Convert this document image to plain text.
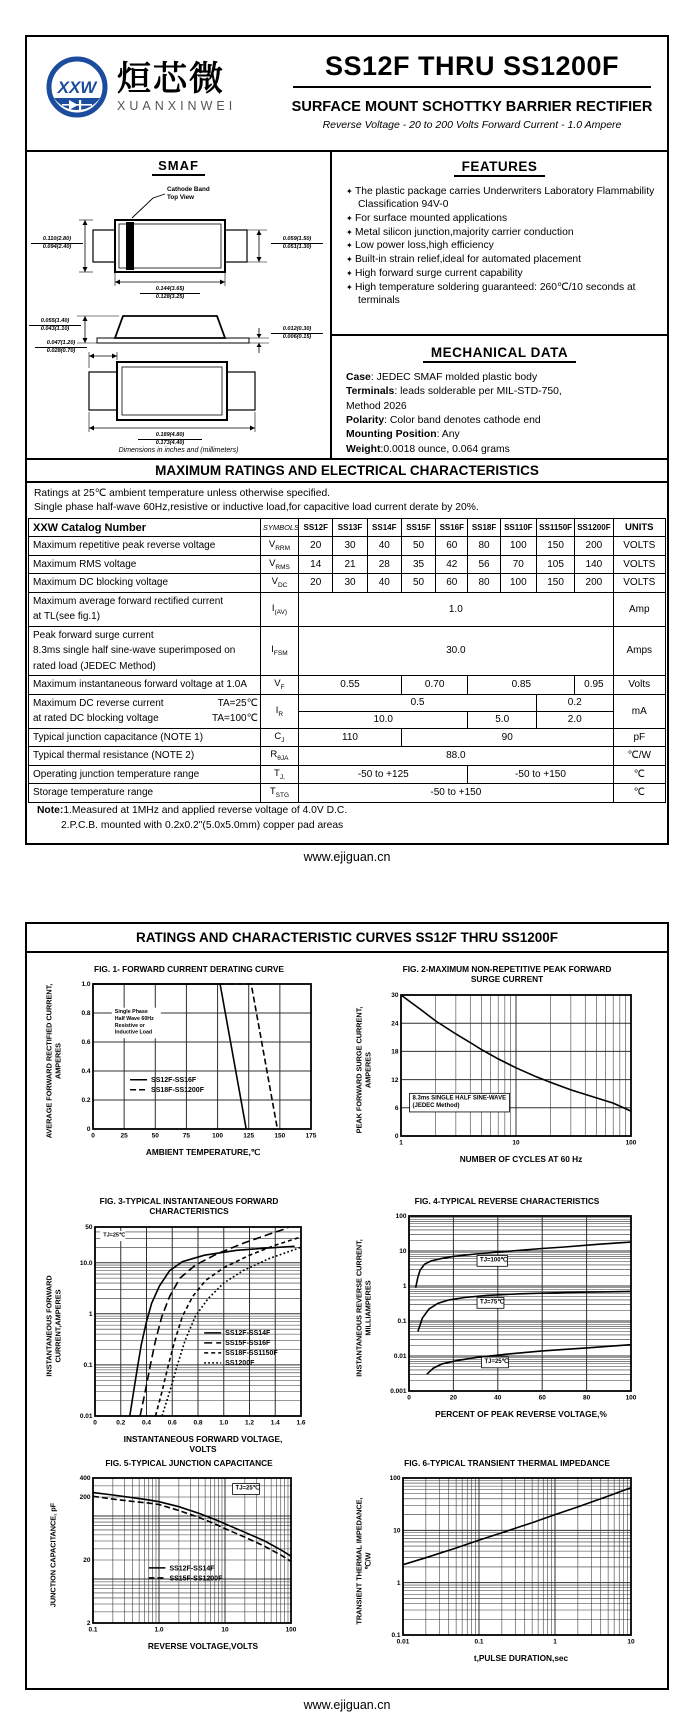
XXW 烜芯微
XUANXINWEI
SS12F THRU SS1200F
SURFACE MOUNT SCHOTTKY BARRIER RECTIFIER
Reverse Voltage - 20 to 200 Volts Forward Current - 1.0 Ampere
SMAF
Cathode Band
Top View
0.110(2.80)
0.094(2.40)
0.059(1.50)
0.051(1.30)
0.144(3.65)
0.128(3.25)
0.055(1.40)
0.043(1.10)	0.012(0.30)
0.006(0.15)
0.047(1.20)
0.028(0.70)
0.189(4.80)
0.173(4.40)
Dimensions in inches and (millimeters)
FEATURES
✦ The plastic package carries Underwriters Laboratory Flammability Classification 94V-0
✦ For surface mounted applications
✦ Metal silicon junction,majority carrier conduction
✦ Low power loss,high efficiency
✦ Built-in strain relief,ideal for automated placement
✦ High forward surge current capability
✦ High temperature soldering guaranteed: 260℃/10 seconds at terminals
MECHANICAL DATA
Case: JEDEC SMAF molded plastic body
Terminals: leads solderable per MIL-STD-750,
Method 2026
Polarity: Color band denotes cathode end
Mounting Position: Any
Weight:0.0018 ounce, 0.064 grams
MAXIMUM RATINGS AND ELECTRICAL CHARACTERISTICS
Ratings at 25℃ ambient temperature unless otherwise specified.
Single phase half-wave 60Hz,resistive or inductive load,for capacitive load current derate by 20%.
XXW Catalog Number	SYMBOLS	SS12F	SS13F	SS14F	SS15F	SS16F	SS18F	SS110F	SS1150F	SS1200F	UNITS
Maximum repetitive peak reverse voltage	$V_{RRM}$	20	30	40	50	60	80	100	150	200	VOLTS
Maximum RMS voltage	$V_{RMS}$	14	21	28	35	42	56	70	105	140	VOLTS
Maximum DC blocking voltage	$V_{DC}$	20	30	40	50	60	80	100	150	200	VOLTS
Maximum average forward rectified current
at TL(see fig.1)	$I_{(AV)}$	1.0									Amp
Peak forward surge current
8.3ms single half sine-wave superimposed on
rated load (JEDEC Method)	$I_{FSM}$	30.0									Amps
Maximum instantaneous forward voltage at 1.0A	$V_F$	0.55			0.70		0.85			0.95	Volts

Maximum DC reverse current TA=25℃
at rated DC blocking voltage TA=100℃	$I_R$	0.5							0.2		mA
		10.0					5.0		2.0		
Typical junction capacitance (NOTE 1)	$C_J$	110			90						pF
Typical thermal resistance (NOTE 2)	$R_{\theta JA}$	88.0									℃/W
Operating junction temperature range	$T_{J,}$	-50 to +125					-50 to +150				℃
Storage temperature range	$T_{STG}$	-50 to +150									℃
Note:1.Measured at 1MHz and applied reverse voltage of 4.0V D.C.
2.P.C.B. mounted with 0.2x0.2"(5.0x5.0mm) copper pad areas
www.ejiguan.cn
RATINGS AND CHARACTERISTIC CURVES SS12F THRU SS1200F
FIG. 1- FORWARD CURRENT DERATING CURVE
AVERAGE FORWARD RECTIFIED CURRENT,
AMPERES
0	25	50	75	100	125	150	175
0
0.2
0.4
0.6
0.8
1.0
SS12F-SS16F
SS18F-SS1200F
Single Phase
Half Wave 60Hz
Resistive or
Inductive Load
AMBIENT TEMPERATURE,℃
FIG. 2-MAXIMUM NON-REPETITIVE PEAK FORWARD
SURGE CURRENT
PEAK FORWARD SURGE CURRENT,
AMPERES
1	10	100
0
6
12
18
24
30
8.3ms SINGLE HALF SINE-WAVE
(JEDEC Method)
NUMBER OF CYCLES AT 60 Hz
FIG. 3-TYPICAL INSTANTANEOUS FORWARD
CHARACTERISTICS
INSTANTANEOUS FORWARD
CURRENT,AMPERES
0	0.2	0.4	0.6	0.8	1.0	1.2	1.4	1.6
0.01
0.1
1
10.0
50
SS12F-SS14F
SS15F-SS16F
SS18F-SS1150F
SS1200F
TJ=25℃
INSTANTANEOUS FORWARD VOLTAGE,
VOLTS
FIG. 4-TYPICAL REVERSE CHARACTERISTICS
INSTANTANEOUS REVERSE CURRENT,
MILLIAMPERES
0	20	40	60	80	100
0.001
0.01
0.1
1
10
100
TJ=100℃
TJ=75℃
TJ=25℃
PERCENT OF PEAK REVERSE VOLTAGE,%
FIG. 5-TYPICAL JUNCTION CAPACITANCE
JUNCTION CAPACITANCE, pF
0.1	1.0	10	100
2
20
200
400
SS12F-SS14F
SS15F-SS1200F
TJ=25℃
REVERSE VOLTAGE,VOLTS
FIG. 6-TYPICAL TRANSIENT THERMAL IMPEDANCE
TRANSIENT THERMAL IMPEDANCE,
℃/W
0.01	0.1	1	10
0.1
1
10
100
t,PULSE DURATION,sec
www.ejiguan.cn
